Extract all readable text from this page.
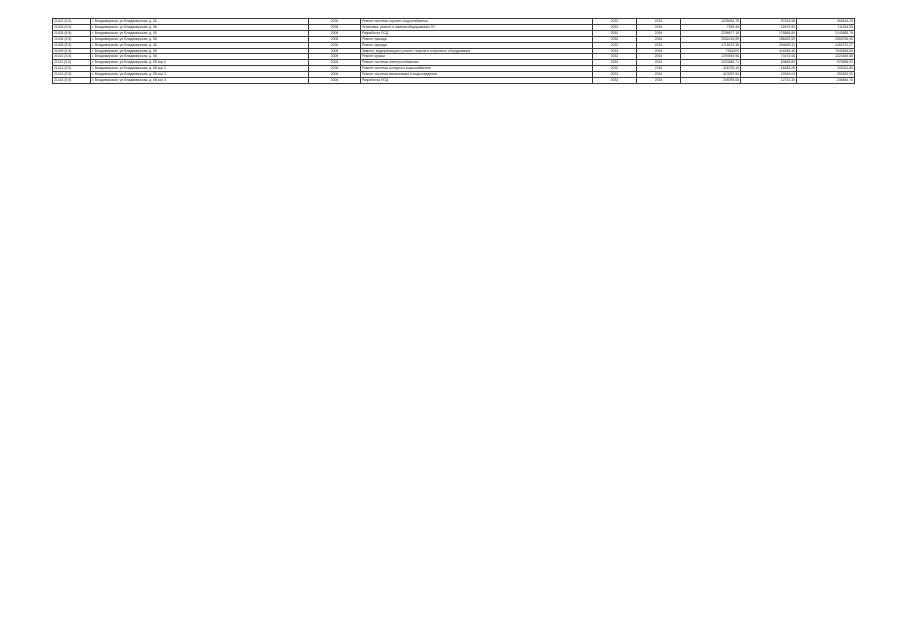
21402 (5.5)	г. Владимирская, ул.Владимирская, д. 56	2006	Ремонт системы горячего водоснабжения	2032	2034	1028054,78	57624,98	969434,29
21403 (5.5)	г. Владимирская, ул.Владимирская, д. 56	2006	Установка, ремонт и замена общедомовых ПУ	2032	2034	7393 45	12675,90	111334,55
21404 (5.5)	г. Владимирская, ул.Владимирская, д. 56	2006	Разработка ПСД	2032	2034	2298677,18	178889,80	2143685,76
21406 (5.5)	г. Владимирская, ул.Владимирская, д. 58	2006	Ремонт фасада	2032	2034	3052415,99	186529,59	2865786,40
21408 (5.5)	г. Владимирская, ул.Владимирская, д. 58	2006	Ремонт фасада	2032	2034	4715679,38	265690,11	4451970,27
21409 (5.5)	г. Владимирская, ул.Владимирская, д. 58	2006	Замена, модернизация и ремонт лифтов и лифтового оборудования	2032	2034	7961000	418345,40	7542654,60
21410 (5.5)	г. Владимирская, ул.Владимирская, д. 58	2006	Ремонт крыши	2032	2034	1294945,96	70476,08	1224469,88
21411 (5.5)	г. Владимирская, ул.Владимирская, д. 58 кор.3	2006	Ремонт системы электроснабжения	2032	2034	1024556,71	53659,80	970896,91
21413 (5.5)	г. Владимирская, ул.Владимирская, д. 58 кор.3	2006	Ремонт системы холодного водоснабжения	2032	2034	316795,10	16483,26	300311,84
21414 (5.5)	г. Владимирская, ул.Владимирская, д. 58 кор.3	2006	Ремонт системы канализации и водоотведения	2032	2034	413097,54	22545,04	390552,50
21415 (5.5)	г. Владимирская, ул.Владимирская, д. 58 кор.3	2006	Разработка ПСД	2032	2034	249295,08	12710,30	236584,78
